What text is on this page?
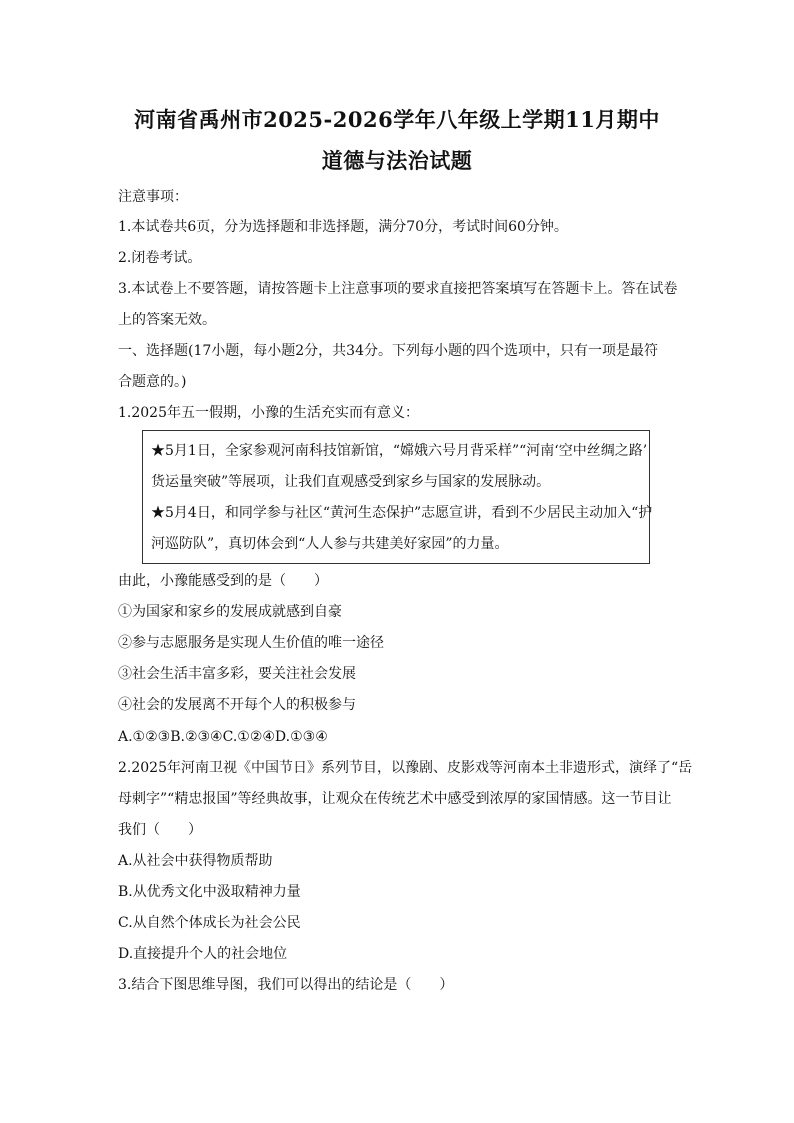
河南省禹州市2025-2026学年八年级上学期11月期中
道德与法治试题
注意事项：
1.本试卷共6页，分为选择题和非选择题，满分70分，考试时间60分钟。
2.闭卷考试。
3.本试卷上不要答题，请按答题卡上注意事项的要求直接把答案填写在答题卡上。答在试卷
上的答案无效。
一、选择题(17小题，每小题2分，共34分。下列每小题的四个选项中，只有一项是最符
合题意的。)
1.2025年五一假期，小豫的生活充实而有意义：
★5月1日，全家参观河南科技馆新馆，“嫦娥六号月背采样”“河南‘空中丝绸之路’
货运量突破”等展项，让我们直观感受到家乡与国家的发展脉动。
★5月4日，和同学参与社区“黄河生态保护”志愿宣讲，看到不少居民主动加入“护
河巡防队”，真切体会到“人人参与共建美好家园”的力量。
由此，小豫能感受到的是（　　）
①为国家和家乡的发展成就感到自豪
②参与志愿服务是实现人生价值的唯一途径
③社会生活丰富多彩，要关注社会发展
④社会的发展离不开每个人的积极参与
A.①②③B.②③④C.①②④D.①③④
2.2025年河南卫视《中国节日》系列节目，以豫剧、皮影戏等河南本土非遗形式，演绎了“岳
母刺字”“精忠报国”等经典故事，让观众在传统艺术中感受到浓厚的家国情感。这一节目让
我们（　　）
A.从社会中获得物质帮助
B.从优秀文化中汲取精神力量
C.从自然个体成长为社会公民
D.直接提升个人的社会地位
3.结合下图思维导图，我们可以得出的结论是（　　）
